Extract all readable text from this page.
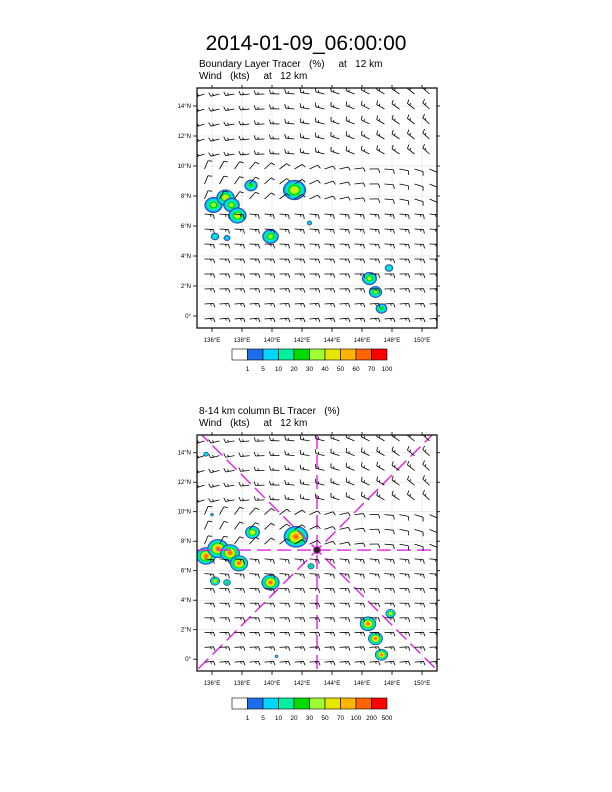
2014-01-09_06:00:00
Boundary Layer Tracer   (%)     at   12 km
Wind   (kts)     at   12 km
8-14 km column BL Tracer   (%)
Wind   (kts)     at   12 km
136°E 138°E 140°E 142°E 144°E 146°E 148°E 150°E
0°
2°N
4°N
6°N
8°N
10°N
12°N
14°N
1 5 10 20 30 40 50 60 70 100
136°E 138°E 140°E 142°E 144°E 146°E 148°E 150°E
0°
2°N
4°N
6°N
8°N
10°N
12°N
14°N
1 5 10 20 30 50 70 100 200 500
